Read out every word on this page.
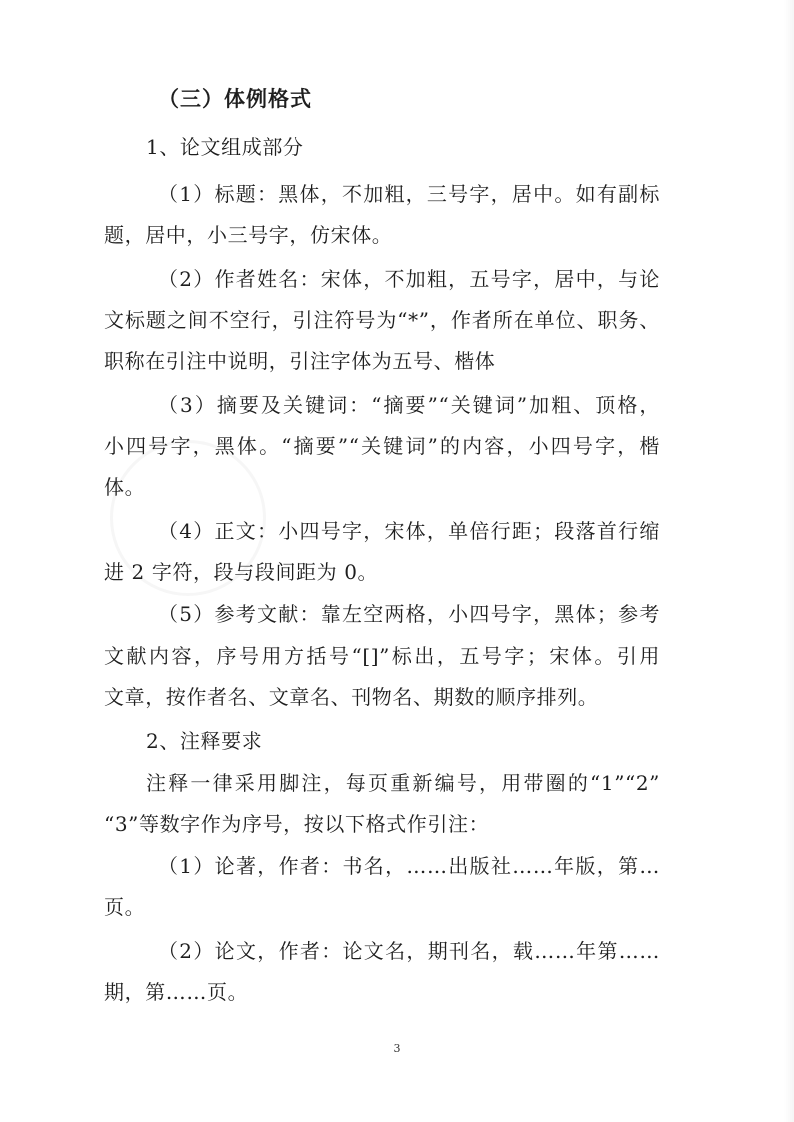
（三）体例格式
1、论文组成部分
（1）标题：黑体，不加粗，三号字，居中。如有副标
题，居中，小三号字，仿宋体。
（2）作者姓名：宋体，不加粗，五号字，居中，与论
文标题之间不空行，引注符号为“*”，作者所在单位、职务、
职称在引注中说明，引注字体为五号、楷体
（3）摘要及关键词：“摘要”“关键词”加粗、顶格，
小四号字，黑体。“摘要”“关键词”的内容，小四号字，楷
体。
（4）正文：小四号字，宋体，单倍行距；段落首行缩
进 2 字符，段与段间距为 0。
（5）参考文献：靠左空两格，小四号字，黑体；参考
文献内容，序号用方括号“[]”标出，五号字；宋体。引用
文章，按作者名、文章名、刊物名、期数的顺序排列。
2、注释要求
注释一律采用脚注，每页重新编号，用带圈的“1”“2”
“3”等数字作为序号，按以下格式作引注：
（1）论著，作者：书名，……出版社……年版，第…
页。
（2）论文，作者：论文名，期刊名，载……年第……
期，第……页。
3
